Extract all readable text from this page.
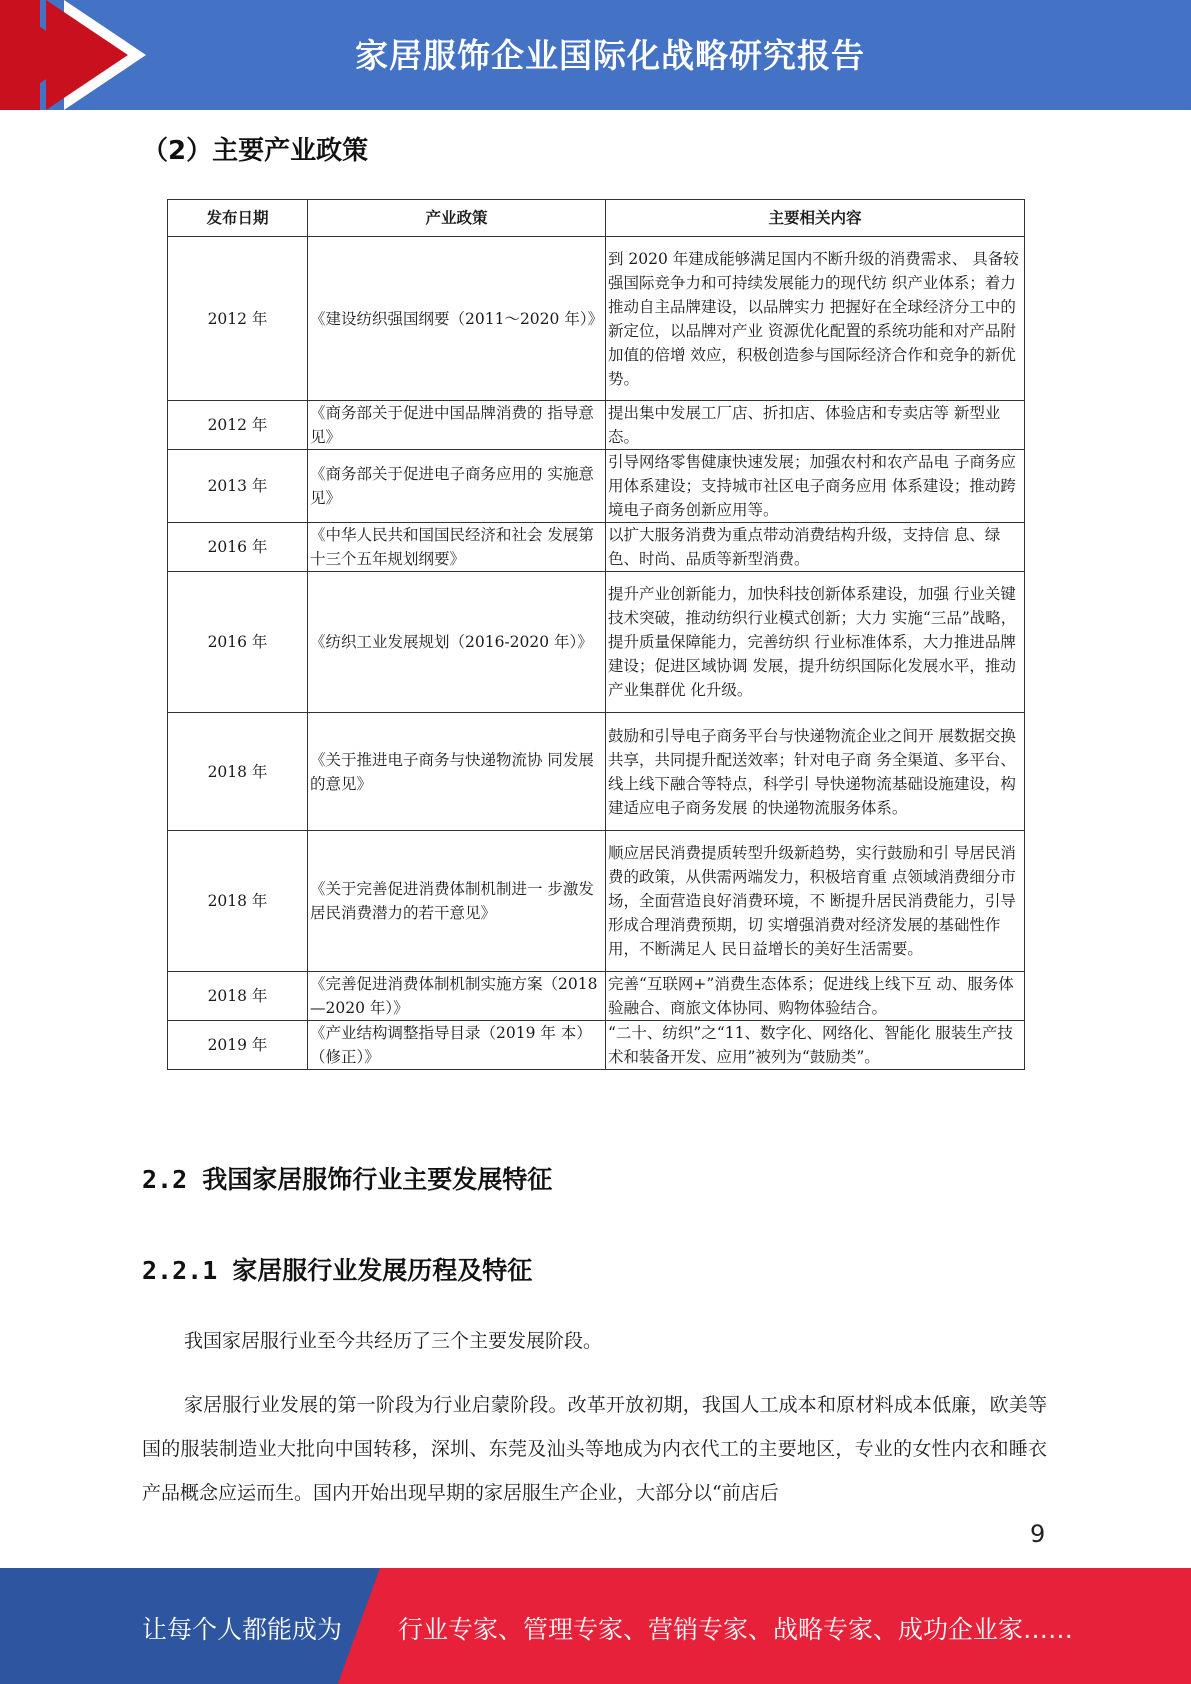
家居服饰企业国际化战略研究报告
（2）主要产业政策
发布日期	产业政策	主要相关内容
2012 年	《建设纺织强国纲要（2011～2020 年）》	到 2020 年建成能够满足国内不断升级的消费需求、 具备较强国际竞争力和可持续发展能力的现代纺 织产业体系；着力推动自主品牌建设，以品牌实力 把握好在全球经济分工中的新定位，以品牌对产业 资源优化配置的系统功能和对产品附加值的倍增 效应，积极创造参与国际经济合作和竞争的新优 势。
2012 年	《商务部关于促进中国品牌消费的 指导意见》	提出集中发展工厂店、折扣店、体验店和专卖店等 新型业态。
2013 年	《商务部关于促进电子商务应用的 实施意见》	引导网络零售健康快速发展；加强农村和农产品电 子商务应用体系建设；支持城市社区电子商务应用 体系建设；推动跨境电子商务创新应用等。
2016 年	《中华人民共和国国民经济和社会 发展第十三个五年规划纲要》	以扩大服务消费为重点带动消费结构升级，支持信 息、绿色、时尚、品质等新型消费。
2016 年	《纺织工业发展规划（2016-2020 年）》	提升产业创新能力，加快科技创新体系建设，加强 行业关键技术突破，推动纺织行业模式创新；大力 实施“三品”战略，提升质量保障能力，完善纺织 行业标准体系，大力推进品牌建设；促进区域协调 发展，提升纺织国际化发展水平，推动产业集群优 化升级。
2018 年	《关于推进电子商务与快递物流协 同发展的意见》	鼓励和引导电子商务平台与快递物流企业之间开 展数据交换共享，共同提升配送效率；针对电子商 务全渠道、多平台、线上线下融合等特点，科学引 导快递物流基础设施建设，构建适应电子商务发展 的快递物流服务体系。
2018 年	《关于完善促进消费体制机制进一 步激发居民消费潜力的若干意见》	顺应居民消费提质转型升级新趋势，实行鼓励和引 导居民消费的政策，从供需两端发力，积极培育重 点领域消费细分市场，全面营造良好消费环境，不 断提升居民消费能力，引导形成合理消费预期，切 实增强消费对经济发展的基础性作用，不断满足人 民日益增长的美好生活需要。
2018 年	《完善促进消费体制机制实施方案（2018—2020 年）》	完善“互联网+”消费生态体系；促进线上线下互 动、服务体验融合、商旅文体协同、购物体验结合。
2019 年	《产业结构调整指导目录（2019 年 本）（修正）》	“二十、纺织”之“11、数字化、网络化、智能化 服装生产技术和装备开发、应用”被列为“鼓励类”。
2.2 我国家居服饰行业主要发展特征
2.2.1 家居服行业发展历程及特征
我国家居服行业至今共经历了三个主要发展阶段。
家居服行业发展的第一阶段为行业启蒙阶段。改革开放初期，我国人工成本和原材料成本低廉，欧美等国的服装制造业大批向中国转移，深圳、东莞及汕头等地成为内衣代工的主要地区，专业的女性内衣和睡衣产品概念应运而生。国内开始出现早期的家居服生产企业，大部分以“前店后
9
让每个人都能成为 行业专家、管理专家、营销专家、战略专家、成功企业家……
